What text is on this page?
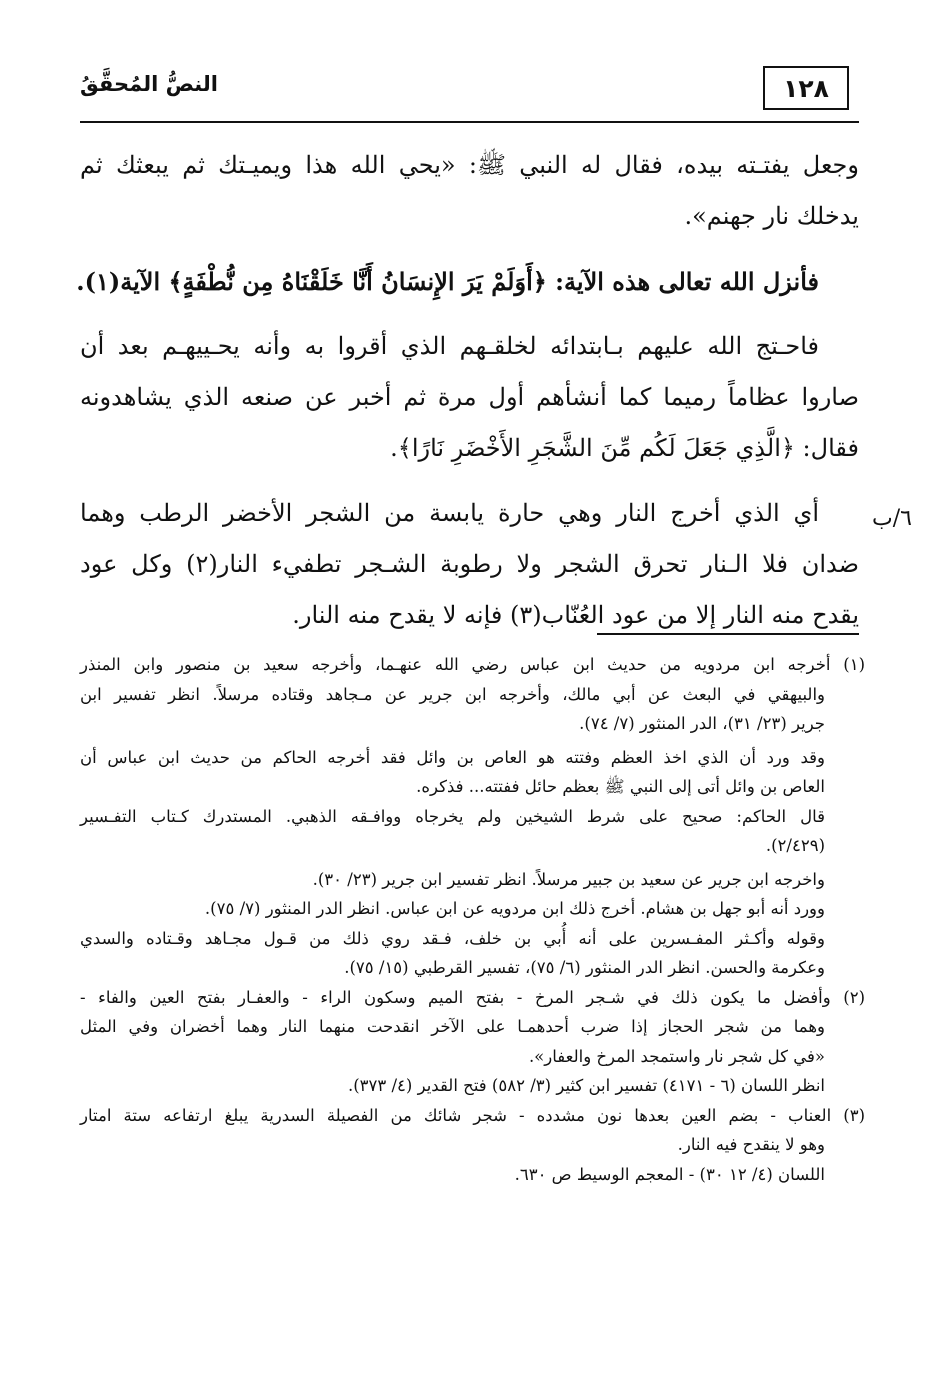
١٢٨
النصُّ المُحقَّقُ
وجعل يفتـته بيده، فقال له النبي ﷺ: «يحي الله هذا ويميـتك ثم يبعثك ثم
يدخلك نار جهنم».
فأنزل الله تعالى هذه الآية: ﴿أَوَلَمْ يَرَ الإِنسَانُ أَنَّا خَلَقْنَاهُ مِن نُّطْفَةٍ﴾ الآية(١).
فاحـتج الله عليهم بـابتدائه لخلقـهم الذي أقروا به وأنه يحـييهـم بعد أن
صاروا عظاماً رميما كما أنشأهم أول مرة ثم أخبر عن صنعه الذي يشاهدونه
فقال: ﴿الَّذِي جَعَلَ لَكُم مِّنَ الشَّجَرِ الأَخْضَرِ نَارًا﴾.
أي الذي أخرج النار وهي حارة يابسة من الشجر الأخضر الرطب وهما
ضدان فلا الـنار تحرق الشجر ولا رطوبة الشـجر تطفيء النار(٢) وكل عود
يقدح منه النار إلا من عود العُنّاب(٣) فإنه لا يقدح منه النار.
٦/ب
(١) أخرجه ابن مردويه من حديث ابن عباس رضي الله عنهـما، وأخرجه سعيد بن منصور وابن المنذر
والبيهقي في البعث عن أبي مالك، وأخرجه ابن جرير عن مـجاهد وقتاده مرسلاً. انظر تفسير ابن
جرير (٢٣/ ٣١)، الدر المنثور (٧/ ٧٤).
وقد ورد أن الذي اخذ العظم وفتته هو العاص بن وائل فقد أخرجه الحاكم من حديث ابن عباس أن
العاص بن وائل أتى إلى النبي ﷺ بعظم حائل ففتته... فذكره.
قال الحاكم: صحيح على شرط الشيخين ولم يخرجاه ووافـقه الذهبي. المستدرك كـتاب التفـسير
(٢/٤٢٩).
واخرجه ابن جرير عن سعيد بن جبير مرسلاً. انظر تفسير ابن جرير (٢٣/ ٣٠).
وورد أنه أبو جهل بن هشام. أخرج ذلك ابن مردويه عن ابن عباس. انظر الدر المنثور (٧/ ٧٥).
وقوله وأكـثر المفـسرين على أنه أُبي بن خلف، فـقد روي ذلك من قـول مجـاهد وقـتاده والسدي
وعكرمة والحسن. انظر الدر المنثور (٦/ ٧٥)، تفسير القرطبي (١٥/ ٧٥).
(٢) وأفضل ما يكون ذلك في شـجر المرخ - بفتح الميم وسكون الراء - والعفـار بفتح العين والفاء -
وهما من شجر الحجاز إذا ضرب أحدهمـا على الآخر انقدحت منهما النار وهما أخضران وفي المثل
«في كل شجر نار واستمجد المرخ والعفار».
انظر اللسان (٦ - ٤١٧١) تفسير ابن كثير (٣/ ٥٨٢) فتح القدير (٤/ ٣٧٣).
(٣) العناب - بضم العين بعدها نون مشدده - شجر شائك من الفصيلة السدرية يبلغ ارتفاعه ستة امتار
وهو لا ينقدح فيه النار.
اللسان (٤/ ١٢ ٣٠) - المعجم الوسيط ص ٦٣٠.
